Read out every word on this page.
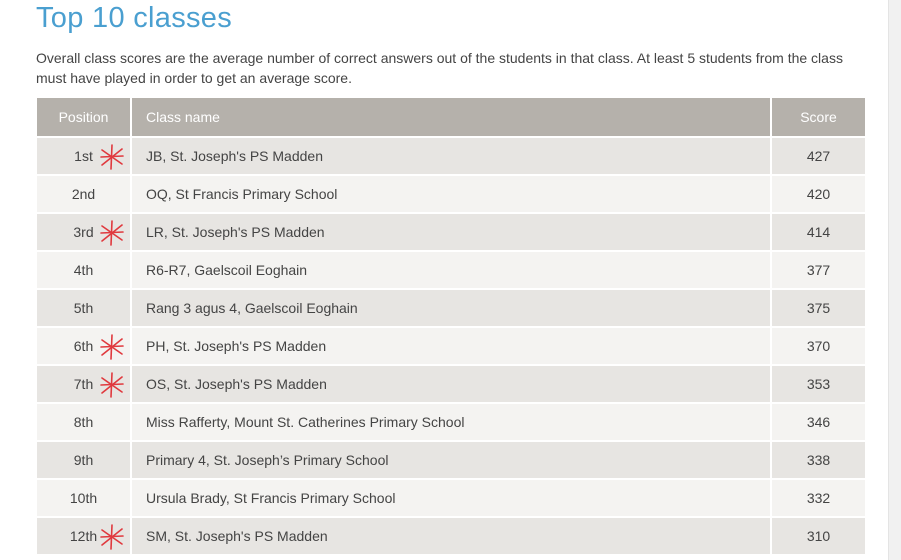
Top 10 classes

Overall class scores are the average number of correct answers out of the students in that class. At least 5 students from the class must have played in order to get an average score.

Position	Class name	Score
1st	JB, St. Joseph's PS Madden	427
2nd	OQ, St Francis Primary School	420
3rd	LR, St. Joseph's PS Madden	414
4th	R6-R7, Gaelscoil Eoghain	377
5th	Rang 3 agus 4, Gaelscoil Eoghain	375
6th	PH, St. Joseph's PS Madden	370
7th	OS, St. Joseph's PS Madden	353
8th	Miss Rafferty, Mount St. Catherines Primary School	346
9th	Primary 4, St. Joseph’s Primary School	338
10th	Ursula Brady, St Francis Primary School	332
12th	SM, St. Joseph's PS Madden	310
